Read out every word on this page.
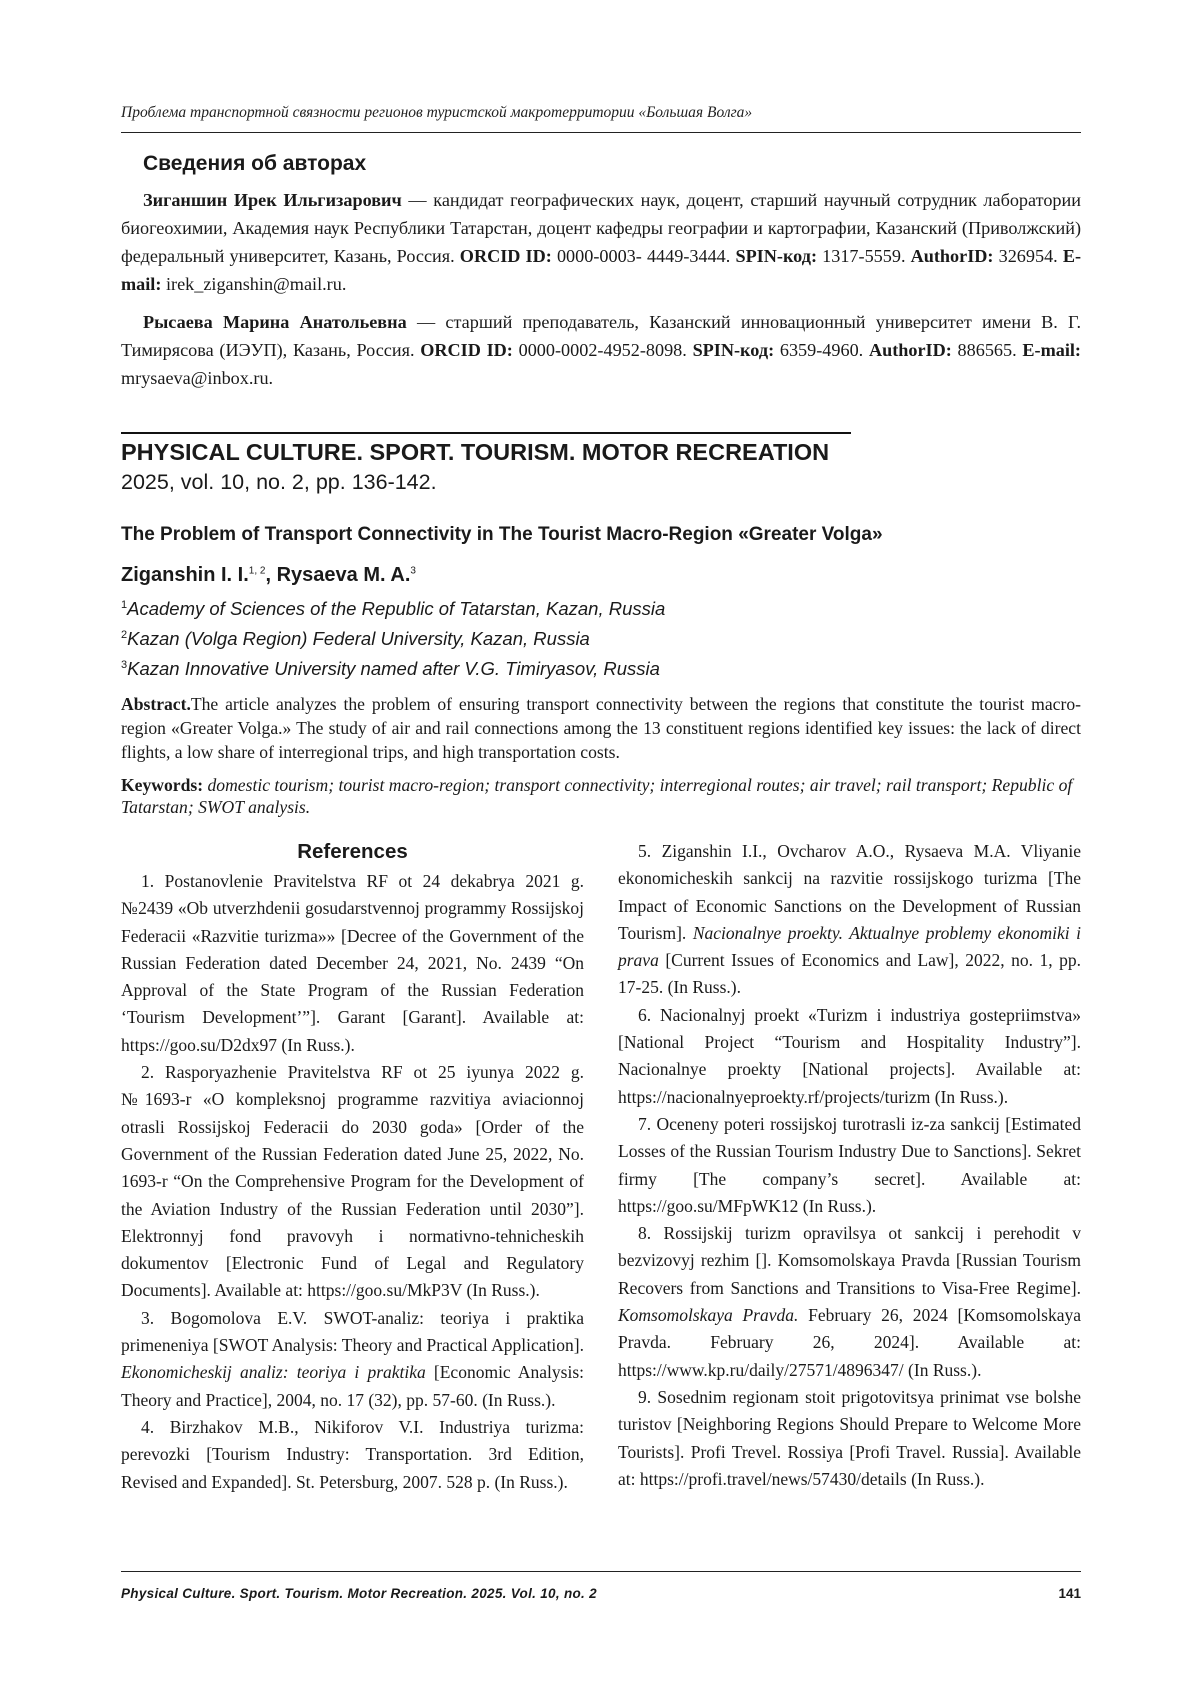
Проблема транспортной связности регионов туристской макротерритории «Большая Волга»
Сведения об авторах

Зиганшин Ирек Ильгизарович — кандидат географических наук, доцент, старший научный сотрудник лаборатории биогеохимии, Академия наук Республики Татарстан, доцент кафедры географии и картографии, Казанский (Приволжский) федеральный университет, Казань, Россия. ORCID ID: 0000-0003- 4449-3444. SPIN-код: 1317-5559. AuthorID: 326954. E-mail: irek_ziganshin@mail.ru.

Рысаева Марина Анатольевна — старший преподаватель, Казанский инновационный университет имени В. Г. Тимирясова (ИЭУП), Казань, Россия. ORCID ID: 0000-0002-4952-8098. SPIN-код: 6359-4960. AuthorID: 886565. E-mail: mrysaeva@inbox.ru.

PHYSICAL CULTURE. SPORT. TOURISM. MOTOR RECREATION
2025, vol. 10, no. 2, pp. 136-142.
The Problem of Transport Connectivity in The Tourist Macro-Region «Greater Volga»
Ziganshin I. I.$^{1, 2}$, Rysaeva M. A.$^3$
$^1$Academy of Sciences of the Republic of Tatarstan, Kazan, Russia
$^2$Kazan (Volga Region) Federal University, Kazan, Russia
$^3$Kazan Innovative University named after V.G. Timiryasov, Russia
Abstract.The article analyzes the problem of ensuring transport connectivity between the regions that constitute the tourist macro-region «Greater Volga.» The study of air and rail connections among the 13 constituent regions identified key issues: the lack of direct flights, a low share of interregional trips, and high transportation costs.
Keywords: domestic tourism; tourist macro-region; transport connectivity; interregional routes; air travel; rail transport; Republic of Tatarstan; SWOT analysis.
References

1. Postanovlenie Pravitelstva RF ot 24 dekabrya 2021 g. №2439 «Ob utverzhdenii gosudarstvennoj programmy Rossijskoj Federacii «Razvitie turizma»» [Decree of the Government of the Russian Federation dated December 24, 2021, No. 2439 “On Approval of the State Program of the Russian Federation ‘Tourism Development’”]. Garant [Garant]. Available at: https://goo.su/D2dx97 (In Russ.).

2. Rasporyazhenie Pravitelstva RF ot 25 iyunya 2022 g. №1693-r «O kompleksnoj programme razvitiya aviacionnoj otrasli Rossijskoj Federacii do 2030 goda» [Order of the Government of the Russian Federation dated June 25, 2022, No. 1693-r “On the Comprehensive Program for the Development of the Aviation Industry of the Russian Federation until 2030”]. Elektronnyj fond pravovyh i normativno-tehnicheskih dokumentov [Electronic Fund of Legal and Regulatory Documents]. Available at: https://goo.su/MkP3V (In Russ.).

3. Bogomolova E.V. SWOT-analiz: teoriya i praktika primeneniya [SWOT Analysis: Theory and Practical Application]. Ekonomicheskij analiz: teoriya i praktika [Economic Analysis: Theory and Practice], 2004, no. 17 (32), pp. 57-60. (In Russ.).

4. Birzhakov M.B., Nikiforov V.I. Industriya turizma: perevozki [Tourism Industry: Transportation. 3rd Edition, Revised and Expanded]. St. Petersburg, 2007. 528 p. (In Russ.).

5. Ziganshin I.I., Ovcharov A.O., Rysaeva M.A. Vliyanie ekonomicheskih sankcij na razvitie rossijskogo turizma [The Impact of Economic Sanctions on the Development of Russian Tourism]. Nacionalnye proekty. Aktualnye problemy ekonomiki i prava [Current Issues of Economics and Law], 2022, no. 1, pp. 17-25. (In Russ.).

6. Nacionalnyj proekt «Turizm i industriya gostepriimstva» [National Project “Tourism and Hospitality Industry”]. Nacionalnye proekty [National projects]. Available at: https://nacionalnyeproekty.rf/projects/turizm (In Russ.).

7. Oceneny poteri rossijskoj turotrasli iz-za sankcij [Estimated Losses of the Russian Tourism Industry Due to Sanctions]. Sekret firmy [The company’s secret]. Available at: https://goo.su/MFpWK12 (In Russ.).

8. Rossijskij turizm opravilsya ot sankcij i perehodit v bezvizovyj rezhim []. Komsomolskaya Pravda [Russian Tourism Recovers from Sanctions and Transitions to Visa-Free Regime]. Komsomolskaya Pravda. February 26, 2024 [Komsomolskaya Pravda. February 26, 2024]. Available at: https://www.kp.ru/daily/27571/4896347/ (In Russ.).

9. Sosednim regionam stoit prigotovitsya prinimat vse bolshe turistov [Neighboring Regions Should Prepare to Welcome More Tourists]. Profi Trevel. Rossiya [Profi Travel. Russia]. Available at: https://profi.travel/news/57430/details (In Russ.).

Physical Culture. Sport. Tourism. Motor Recreation. 2025. Vol. 10, no. 2	141
